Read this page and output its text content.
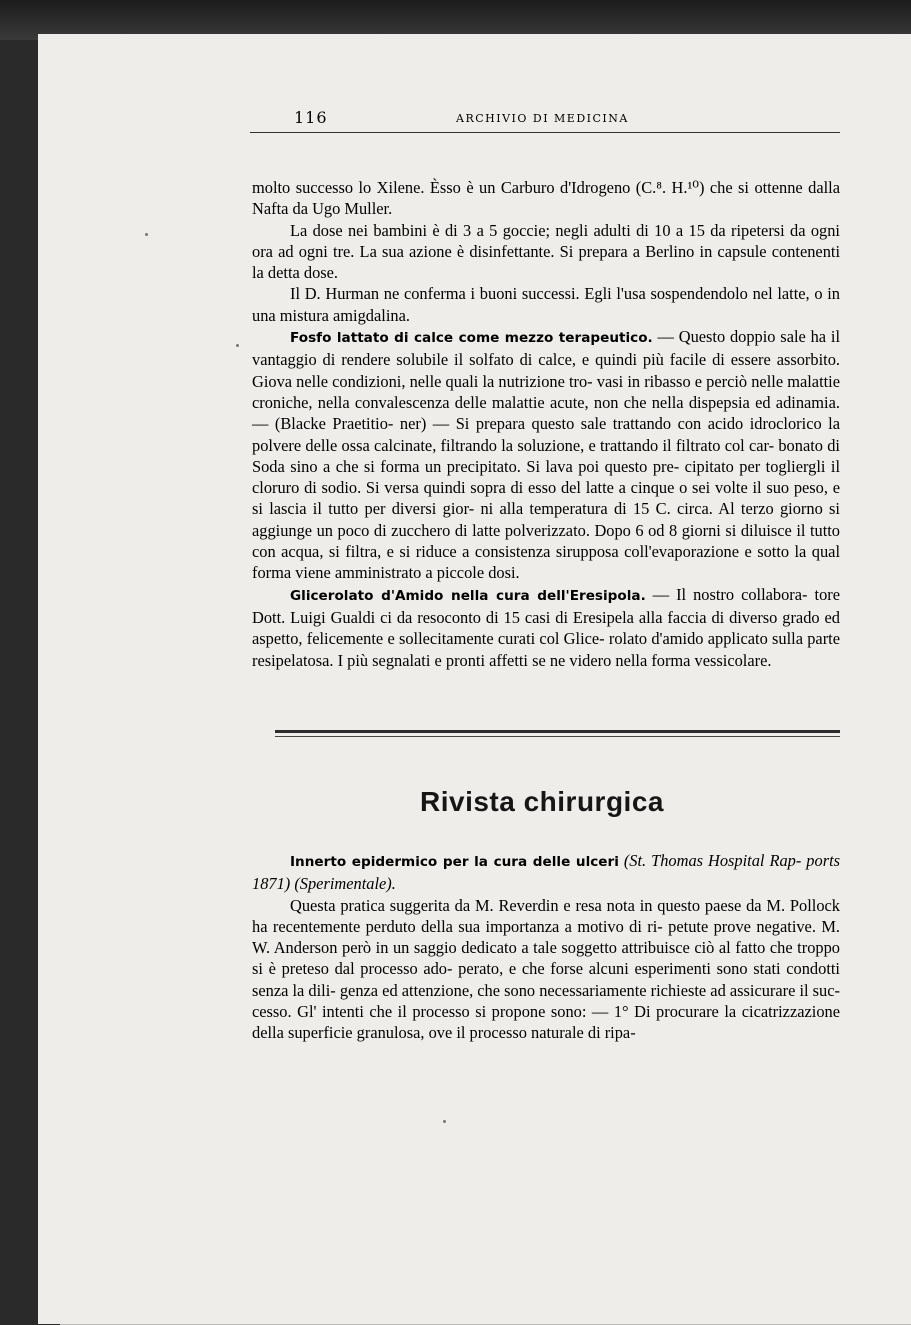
116	ARCHIVIO DI MEDICINA

molto successo lo Xilene. Èsso è un Carburo d'Idrogeno (C.⁸. H.¹⁰) che si ottenne dalla Nafta da Ugo Muller.

La dose nei bambini è di 3 a 5 goccie; negli adulti di 10 a 15 da ripetersi da ogni ora ad ogni tre. La sua azione è disinfettante. Si prepara a Berlino in capsule contenenti la detta dose.

Il D. Hurman ne conferma i buoni successi. Egli l'usa sospendendolo nel latte, o in una mistura amigdalina.

Fosfo lattato di calce come mezzo terapeutico. — Questo doppio sale ha il vantaggio di rendere solubile il solfato di calce, e quindi più facile di essere assorbito. Giova nelle condizioni, nelle quali la nutrizione tro- vasi in ribasso e perciò nelle malattie croniche, nella convalescenza delle malattie acute, non che nella dispepsia ed adinamia. — (Blacke Praetitio- ner) — Si prepara questo sale trattando con acido idroclorico la polvere delle ossa calcinate, filtrando la soluzione, e trattando il filtrato col car- bonato di Soda sino a che si forma un precipitato. Si lava poi questo pre- cipitato per togliergli il cloruro di sodio. Si versa quindi sopra di esso del latte a cinque o sei volte il suo peso, e si lascia il tutto per diversi gior- ni alla temperatura di 15 C. circa. Al terzo giorno si aggiunge un poco di zucchero di latte polverizzato. Dopo 6 od 8 giorni si diluisce il tutto con acqua, si filtra, e si riduce a consistenza sirupposa coll'evaporazione e sotto la qual forma viene amministrato a piccole dosi.

Glicerolato d'Amido nella cura dell'Eresipola. — Il nostro collabora- tore Dott. Luigi Gualdi ci da resoconto di 15 casi di Eresipela alla faccia di diverso grado ed aspetto, felicemente e sollecitamente curati col Glice- rolato d'amido applicato sulla parte resipelatosa. I più segnalati e pronti affetti se ne videro nella forma vessicolare.

Rivista chirurgica

Innerto epidermico per la cura delle ulceri (St. Thomas Hospital Rap- ports 1871) (Sperimentale).

Questa pratica suggerita da M. Reverdin e resa nota in questo paese da M. Pollock ha recentemente perduto della sua importanza a motivo di ri- petute prove negative. M. W. Anderson però in un saggio dedicato a tale soggetto attribuisce ciò al fatto che troppo si è preteso dal processo ado- perato, e che forse alcuni esperimenti sono stati condotti senza la dili- genza ed attenzione, che sono necessariamente richieste ad assicurare il suc- cesso. Gl' intenti che il processo si propone sono: — 1° Di procurare la cicatrizzazione della superficie granulosa, ove il processo naturale di ripa-
